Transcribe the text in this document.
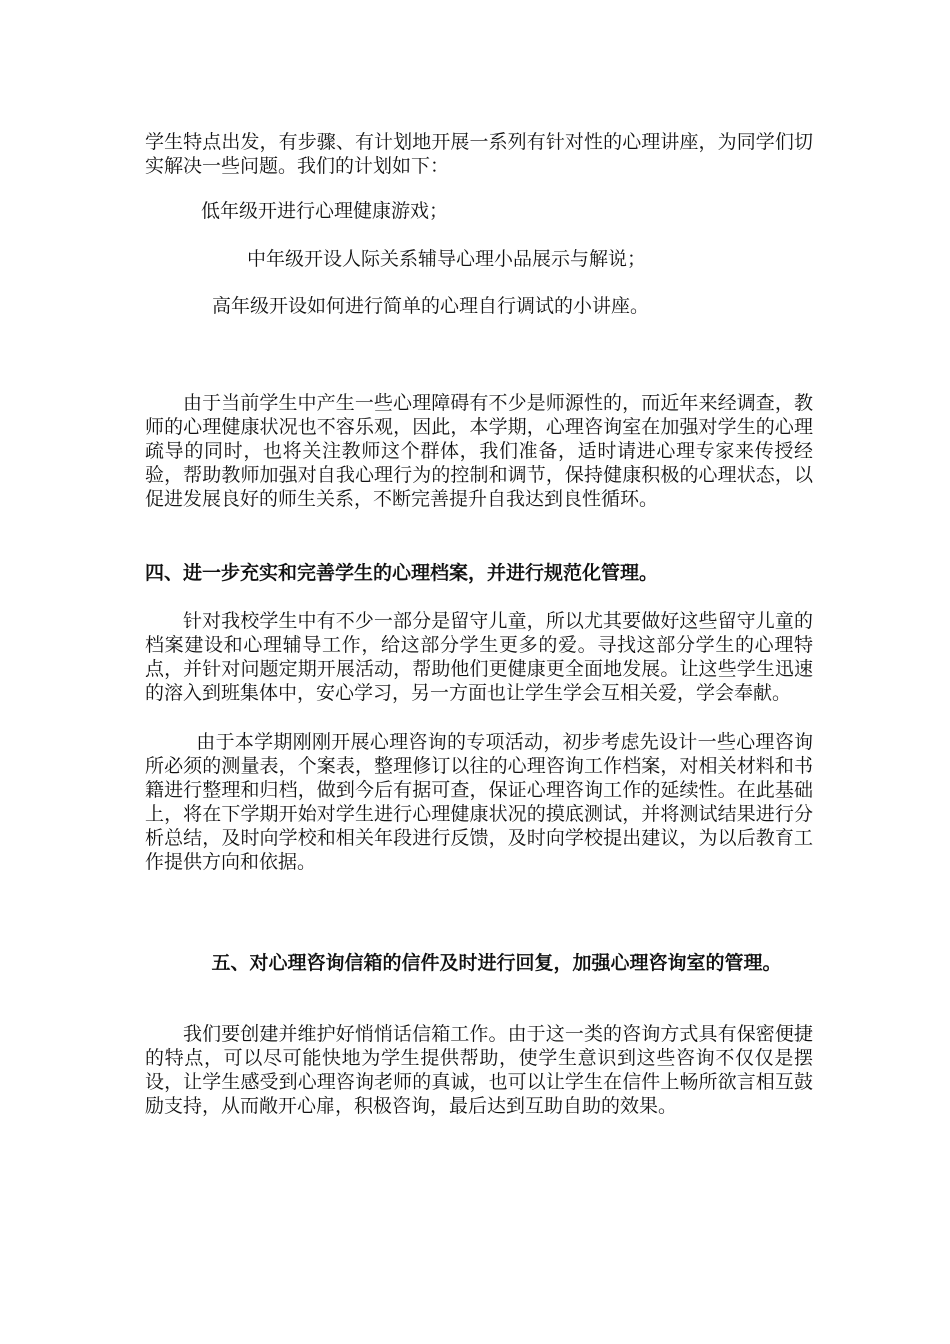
学生特点出发，有步骤、有计划地开展一系列有针对性的心理讲座，为同学们切实解决一些问题。我们的计划如下：

低年级开进行心理健康游戏；

中年级开设人际关系辅导心理小品展示与解说；

高年级开设如何进行简单的心理自行调试的小讲座。

由于当前学生中产生一些心理障碍有不少是师源性的，而近年来经调查，教师的心理健康状况也不容乐观，因此，本学期，心理咨询室在加强对学生的心理疏导的同时，也将关注教师这个群体，我们准备，适时请进心理专家来传授经验，帮助教师加强对自我心理行为的控制和调节，保持健康积极的心理状态，以促进发展良好的师生关系，不断完善提升自我达到良性循环。

四、进一步充实和完善学生的心理档案，并进行规范化管理。

针对我校学生中有不少一部分是留守儿童，所以尤其要做好这些留守儿童的档案建设和心理辅导工作，给这部分学生更多的爱。寻找这部分学生的心理特点，并针对问题定期开展活动，帮助他们更健康更全面地发展。让这些学生迅速的溶入到班集体中，安心学习，另一方面也让学生学会互相关爱，学会奉献。

由于本学期刚刚开展心理咨询的专项活动，初步考虑先设计一些心理咨询所必须的测量表，个案表，整理修订以往的心理咨询工作档案，对相关材料和书籍进行整理和归档，做到今后有据可查，保证心理咨询工作的延续性。在此基础上，将在下学期开始对学生进行心理健康状况的摸底测试，并将测试结果进行分析总结，及时向学校和相关年段进行反馈，及时向学校提出建议，为以后教育工作提供方向和依据。

五、对心理咨询信箱的信件及时进行回复，加强心理咨询室的管理。

我们要创建并维护好悄悄话信箱工作。由于这一类的咨询方式具有保密便捷的特点，可以尽可能快地为学生提供帮助，使学生意识到这些咨询不仅仅是摆设，让学生感受到心理咨询老师的真诚，也可以让学生在信件上畅所欲言相互鼓励支持，从而敞开心扉，积极咨询，最后达到互助自助的效果。
